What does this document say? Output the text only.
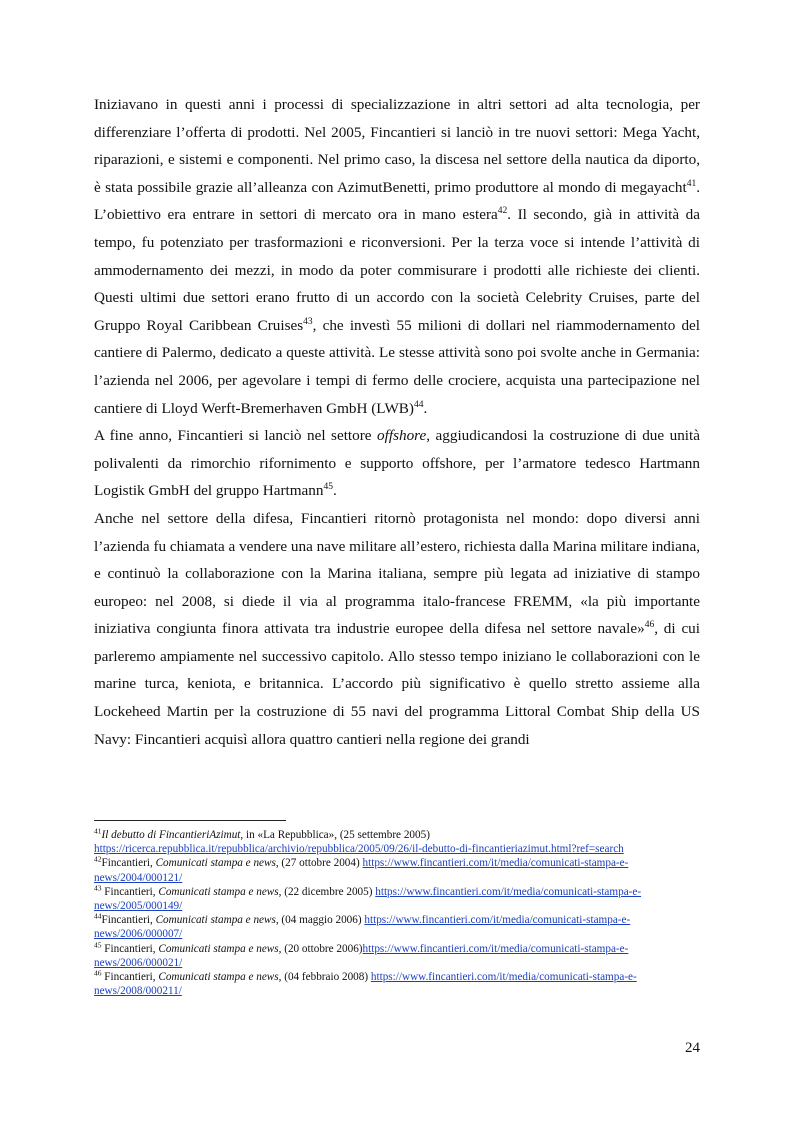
Iniziavano in questi anni i processi di specializzazione in altri settori ad alta tecnologia, per differenziare l’offerta di prodotti. Nel 2005, Fincantieri si lanciò in tre nuovi settori: Mega Yacht, riparazioni, e sistemi e componenti. Nel primo caso, la discesa nel settore della nautica da diporto, è stata possibile grazie all’alleanza con AzimutBenetti, primo produttore al mondo di megayacht$^{41}$. L’obiettivo era entrare in settori di mercato ora in mano estera$^{42}$. Il secondo, già in attività da tempo, fu potenziato per trasformazioni e riconversioni. Per la terza voce si intende l’attività di ammodernamento dei mezzi, in modo da poter commisurare i prodotti alle richieste dei clienti. Questi ultimi due settori erano frutto di un accordo con la società Celebrity Cruises, parte del Gruppo Royal Caribbean Cruises$^{43}$, che investì 55 milioni di dollari nel riammodernamento del cantiere di Palermo, dedicato a queste attività. Le stesse attività sono poi svolte anche in Germania: l’azienda nel 2006, per agevolare i tempi di fermo delle crociere, acquista una partecipazione nel cantiere di Lloyd Werft-Bremerhaven GmbH (LWB)$^{44}$.

A fine anno, Fincantieri si lanciò nel settore offshore, aggiudicandosi la costruzione di due unità polivalenti da rimorchio rifornimento e supporto offshore, per l’armatore tedesco Hartmann Logistik GmbH del gruppo Hartmann$^{45}$.

Anche nel settore della difesa, Fincantieri ritornò protagonista nel mondo: dopo diversi anni l’azienda fu chiamata a vendere una nave militare all’estero, richiesta dalla Marina militare indiana, e continuò la collaborazione con la Marina italiana, sempre più legata ad iniziative di stampo europeo: nel 2008, si diede il via al programma italo-francese FREMM, «la più importante iniziativa congiunta finora attivata tra industrie europee della difesa nel settore navale»$^{46}$, di cui parleremo ampiamente nel successivo capitolo. Allo stesso tempo iniziano le collaborazioni con le marine turca, keniota, e britannica. L’accordo più significativo è quello stretto assieme alla Lockeheed Martin per la costruzione di 55 navi del programma Littoral Combat Ship della US Navy: Fincantieri acquisì allora quattro cantieri nella regione dei grandi

$^{41}$Il debutto di FincantieriAzimut, in «La Repubblica», (25 settembre 2005)
https://ricerca.repubblica.it/repubblica/archivio/repubblica/2005/09/26/il-debutto-di-fincantieriazimut.html?ref=search

$^{42}$Fincantieri, Comunicati stampa e news, (27 ottobre 2004) https://www.fincantieri.com/it/media/comunicati-stampa-e-news/2004/000121/

$^{43}$ Fincantieri, Comunicati stampa e news, (22 dicembre 2005) https://www.fincantieri.com/it/media/comunicati-stampa-e-news/2005/000149/

$^{44}$Fincantieri, Comunicati stampa e news, (04 maggio 2006) https://www.fincantieri.com/it/media/comunicati-stampa-e-news/2006/000007/

$^{45}$ Fincantieri, Comunicati stampa e news, (20 ottobre 2006)https://www.fincantieri.com/it/media/comunicati-stampa-e-news/2006/000021/

$^{46}$ Fincantieri, Comunicati stampa e news, (04 febbraio 2008) https://www.fincantieri.com/it/media/comunicati-stampa-e-news/2008/000211/

24
